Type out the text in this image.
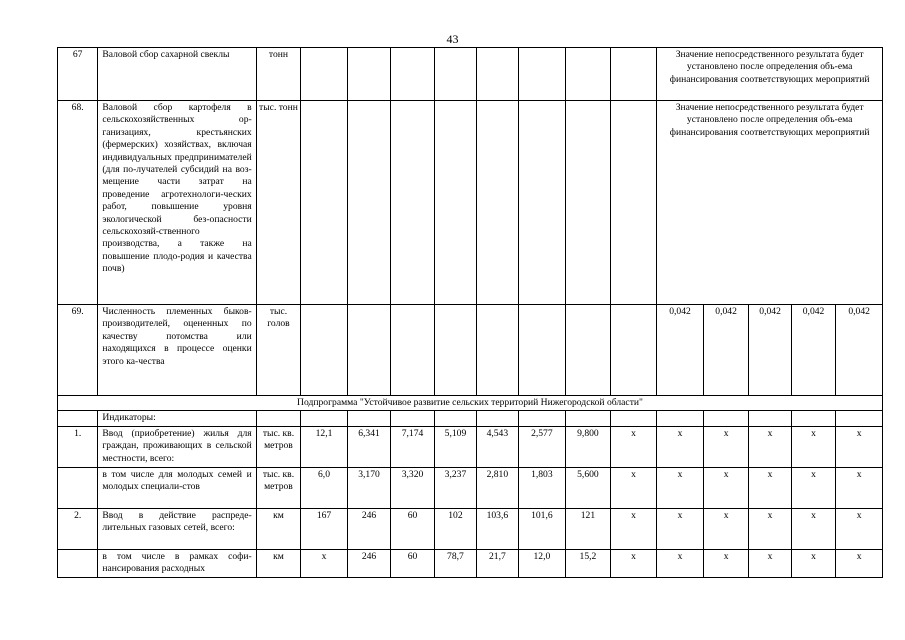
43
67	Валовой сбор сахарной свеклы	тонн									Значение непосредственного результата будет установлено после определения объ-ема финансирования соответствующих мероприятий				
68.	Валовой сбор картофеля в сельскохозяйственных ор-ганизациях, крестьянских (фермерских) хозяйствах, включая индивидуальных предпринимателей (для по-лучателей субсидий на воз-мещение части затрат на проведение агротехнологи-ческих работ, повышение уровня экологической без-опасности сельскохозяй-ственного производства, а также на повышение плодо-родия и качества почв)	тыс. тонн									Значение непосредственного результата будет установлено после определения объ-ема финансирования соответствующих мероприятий				
69.	Численность племенных быков-производителей, оцененных по качеству потомства или находящихся в процессе оценки этого ка-чества	тыс. голов									0,042	0,042	0,042	0,042	0,042
Подпрограмма "Устойчивое развитие сельских территорий Нижегородской области"															
	Индикаторы:														
1.	Ввод (приобретение) жилья для граждан, проживающих в сельской местности, всего:	тыс. кв. метров	12,1	6,341	7,174	5,109	4,543	2,577	9,800	x	x	x	x	x	x
	в том числе для молодых семей и молодых специали-стов	тыс. кв. метров	6,0	3,170	3,320	3,237	2,810	1,803	5,600	x	x	x	x	x	x
2.	Ввод в действие распреде-лительных газовых сетей, всего:	км	167	246	60	102	103,6	101,6	121	x	x	x	x	x	x
	в том числе в рамках софи-нансирования расходных	км	x	246	60	78,7	21,7	12,0	15,2	x	x	x	x	x	x
